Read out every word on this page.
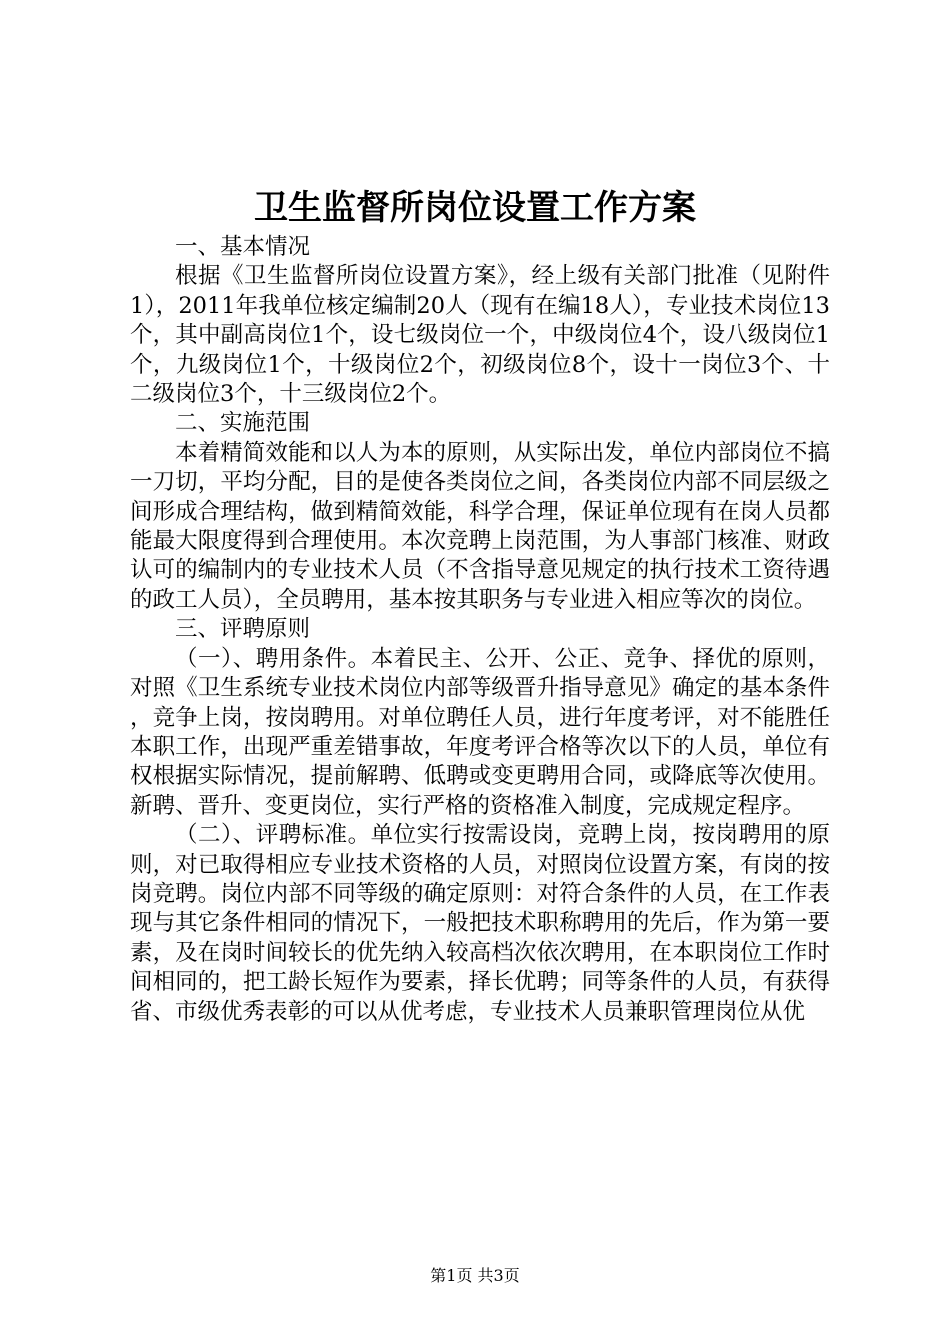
卫生监督所岗位设置工作方案

一、基本情况

根据《卫生监督所岗位设置方案》，经上级有关部门批准（见附件1），2011年我单位核定编制20人（现有在编18人），专业技术岗位13个，其中副高岗位1个，设七级岗位一个，中级岗位4个，设八级岗位1个，九级岗位1个，十级岗位2个，初级岗位8个，设十一岗位3个、十二级岗位3个，十三级岗位2个。

二、实施范围

本着精简效能和以人为本的原则，从实际出发，单位内部岗位不搞一刀切，平均分配，目的是使各类岗位之间，各类岗位内部不同层级之间形成合理结构，做到精简效能，科学合理，保证单位现有在岗人员都能最大限度得到合理使用。本次竞聘上岗范围，为人事部门核准、财政认可的编制内的专业技术人员（不含指导意见规定的执行技术工资待遇的政工人员），全员聘用，基本按其职务与专业进入相应等次的岗位。

三、评聘原则

（一）、聘用条件。本着民主、公开、公正、竞争、择优的原则，对照《卫生系统专业技术岗位内部等级晋升指导意见》确定的基本条件，竞争上岗，按岗聘用。对单位聘任人员，进行年度考评，对不能胜任本职工作，出现严重差错事故，年度考评合格等次以下的人员，单位有权根据实际情况，提前解聘、低聘或变更聘用合同，或降底等次使用。新聘、晋升、变更岗位，实行严格的资格准入制度，完成规定程序。

（二）、评聘标准。单位实行按需设岗，竞聘上岗，按岗聘用的原则，对已取得相应专业技术资格的人员，对照岗位设置方案，有岗的按岗竞聘。岗位内部不同等级的确定原则：对符合条件的人员，在工作表现与其它条件相同的情况下，一般把技术职称聘用的先后，作为第一要素，及在岗时间较长的优先纳入较高档次依次聘用，在本职岗位工作时间相同的，把工龄长短作为要素，择长优聘；同等条件的人员，有获得省、市级优秀表彰的可以从优考虑，专业技术人员兼职管理岗位从优

第1页 共3页
